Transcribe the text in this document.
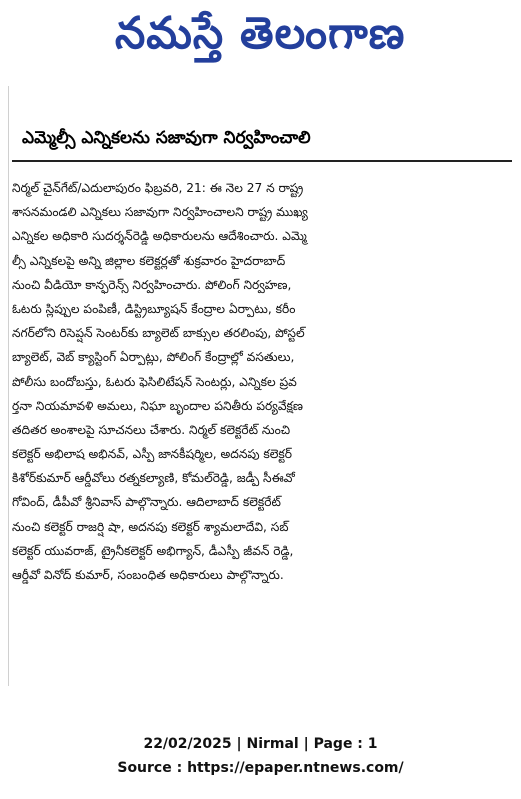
నమస్తే తెలంగాణ
ఎమ్మెల్సీ ఎన్నికలను సజావుగా నిర్వహించాలి
నిర్మల్ చైన్‌గేట్/ఎదులాపురం ఫిబ్రవరి, 21: ఈ నెల 27 న రాష్ట్ర
శాసనమండలి ఎన్నికలు సజావుగా నిర్వహించాలని రాష్ట్ర ముఖ్య
ఎన్నికల అధికారి సుదర్శన్‌రెడ్డి అధికారులను ఆదేశించారు. ఎమ్మె
ల్సీ ఎన్నికలపై అన్ని జిల్లాల కలెక్టర్లతో శుక్రవారం హైదరాబాద్
నుంచి వీడియో కాన్ఫరెన్స్ నిర్వహించారు. పోలింగ్ నిర్వహణ,
ఓటరు స్లిప్పుల పంపిణీ, డిస్ట్రిబ్యూషన్ కేంద్రాల ఏర్పాటు, కరీం
నగర్‌లోని రిసెప్షన్ సెంటర్‌కు బ్యాలెట్ బాక్సుల తరలింపు, పోస్టల్
బ్యాలెట్, వెబ్ క్యాస్టింగ్ ఏర్పాట్లు, పోలింగ్ కేంద్రాల్లో వసతులు,
పోలీసు బందోబస్తు, ఓటరు ఫెసిలిటేషన్ సెంటర్లు, ఎన్నికల ప్రవ
ర్తనా నియమావళి అమలు, నిఘా బృందాల పనితీరు పర్యవేక్షణ
తదితర అంశాలపై సూచనలు చేశారు. నిర్మల్ కలెక్టరేట్ నుంచి
కలెక్టర్ అభిలాష అభినవ్, ఎస్పీ జానకీషర్మిల, అదనపు కలెక్టర్
కిశోర్‌కుమార్ ఆర్డీవోలు రత్నకల్యాణి, కోమల్‌రెడ్డి, జడ్పీ సీఈవో
గోవింద్, డీపీవో శ్రీనివాస్ పాల్గొన్నారు. ఆదిలాబాద్ కలెక్టరేట్
నుంచి కలెక్టర్ రాజర్షి షా, అదనపు కలెక్టర్ శ్యామలాదేవి, సబ్
కలెక్టర్ యువరాజ్, ట్రైనీకలెక్టర్ అభిగ్యాన్, డీఎస్పీ జీవన్ రెడ్డి,
ఆర్డీవో వినోద్ కుమార్, సంబంధిత అధికారులు పాల్గొన్నారు.
22/02/2025 | Nirmal | Page : 1
Source : https://epaper.ntnews.com/
